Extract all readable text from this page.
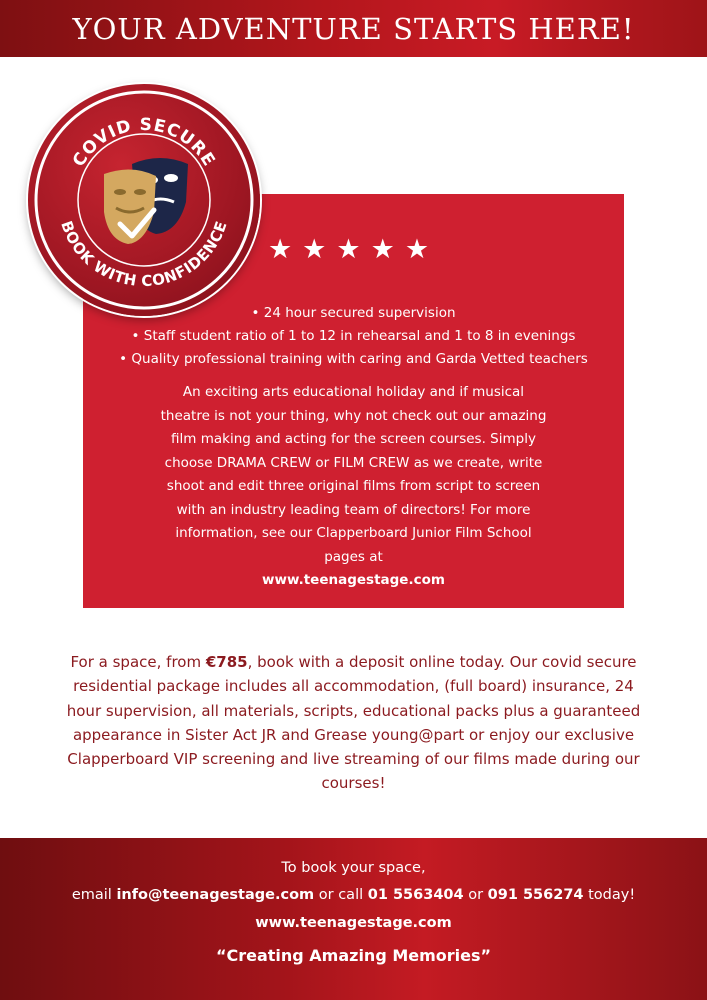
YOUR ADVENTURE STARTS HERE!
★★★★★
• 24 hour secured supervision
• Staff student ratio of 1 to 12 in rehearsal and 1 to 8 in evenings
• Quality professional training with caring and Garda Vetted teachers
An exciting arts educational holiday and if musical theatre is not your thing, why not check out our amazing film making and acting for the screen courses. Simply choose DRAMA CREW or FILM CREW as we create, write shoot and edit three original films from script to screen with an industry leading team of directors! For more information, see our Clapperboard Junior Film School pages at
www.teenagestage.com
COVID SECURE
BOOK WITH CONFIDENCE
For a space, from €785, book with a deposit online today. Our covid secure residential package includes all accommodation, (full board) insurance, 24 hour supervision, all materials, scripts, educational packs plus a guaranteed appearance in Sister Act JR and Grease young@part or enjoy our exclusive Clapperboard VIP screening and live streaming of our films made during our courses!
To book your space,
email info@teenagestage.com or call 01 5563404 or 091 556274 today!
www.teenagestage.com
“Creating Amazing Memories”
